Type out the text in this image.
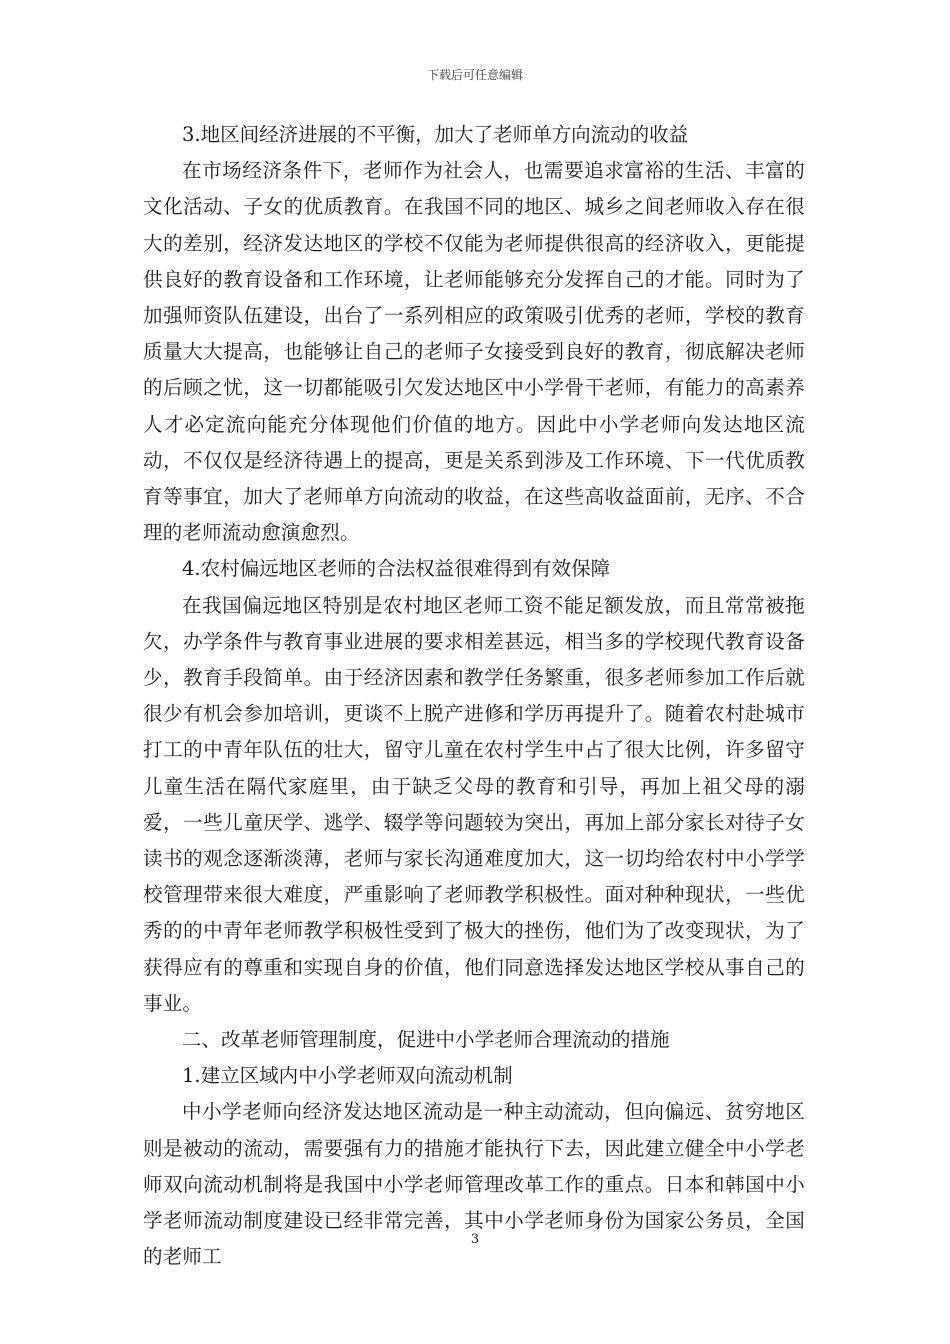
下载后可任意编辑

3.地区间经济进展的不平衡，加大了老师单方向流动的收益

在市场经济条件下，老师作为社会人，也需要追求富裕的生活、丰富的文化活动、子女的优质教育。在我国不同的地区、城乡之间老师收入存在很大的差别，经济发达地区的学校不仅能为老师提供很高的经济收入，更能提供良好的教育设备和工作环境，让老师能够充分发挥自己的才能。同时为了加强师资队伍建设，出台了一系列相应的政策吸引优秀的老师，学校的教育质量大大提高，也能够让自己的老师子女接受到良好的教育，彻底解决老师的后顾之忧，这一切都能吸引欠发达地区中小学骨干老师，有能力的高素养人才必定流向能充分体现他们价值的地方。因此中小学老师向发达地区流动，不仅仅是经济待遇上的提高，更是关系到涉及工作环境、下一代优质教育等事宜，加大了老师单方向流动的收益，在这些高收益面前，无序、不合理的老师流动愈演愈烈。

4.农村偏远地区老师的合法权益很难得到有效保障

在我国偏远地区特别是农村地区老师工资不能足额发放，而且常常被拖欠，办学条件与教育事业进展的要求相差甚远，相当多的学校现代教育设备少，教育手段简单。由于经济因素和教学任务繁重，很多老师参加工作后就很少有机会参加培训，更谈不上脱产进修和学历再提升了。随着农村赴城市打工的中青年队伍的壮大，留守儿童在农村学生中占了很大比例，许多留守儿童生活在隔代家庭里，由于缺乏父母的教育和引导，再加上祖父母的溺爱，一些儿童厌学、逃学、辍学等问题较为突出，再加上部分家长对待子女读书的观念逐渐淡薄，老师与家长沟通难度加大，这一切均给农村中小学学校管理带来很大难度，严重影响了老师教学积极性。面对种种现状，一些优秀的的中青年老师教学积极性受到了极大的挫伤，他们为了改变现状，为了获得应有的尊重和实现自身的价值，他们同意选择发达地区学校从事自己的事业。

二、改革老师管理制度，促进中小学老师合理流动的措施

1.建立区域内中小学老师双向流动机制

中小学老师向经济发达地区流动是一种主动流动，但向偏远、贫穷地区则是被动的流动，需要强有力的措施才能执行下去，因此建立健全中小学老师双向流动机制将是我国中小学老师管理改革工作的重点。日本和韩国中小学老师流动制度建设已经非常完善，其中小学老师身份为国家公务员，全国的老师工

3
